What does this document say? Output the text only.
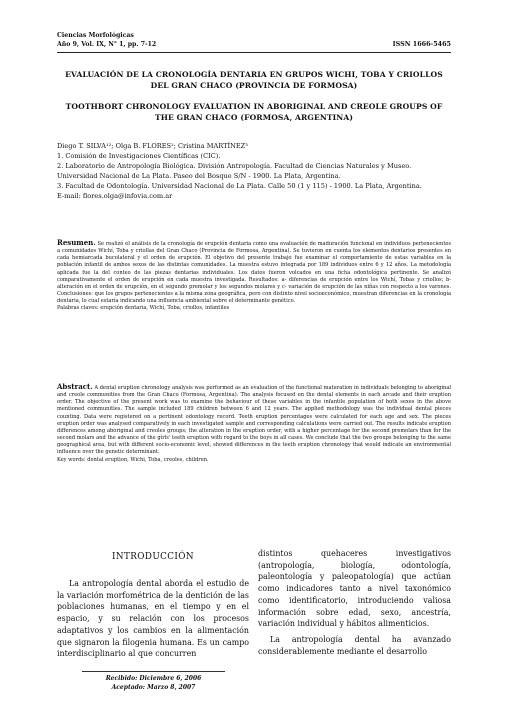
Ciencias Morfológicas
Año 9, Vol. IX, N° 1, pp. 7-12	ISSN 1666-5465
EVALUACIÓN DE LA CRONOLOGÍA DENTARIA EN GRUPOS WICHI, TOBA Y CRIOLLOS DEL GRAN CHACO (PROVINCIA DE FORMOSA)
TOOTHBORT CHRONOLOGY EVALUATION IN ABORIGINAL AND CREOLE GROUPS OF THE GRAN CHACO (FORMOSA, ARGENTINA)
Diego T. SILVA¹²; Olga B. FLORES²; Cristina MARTÍNEZ³
1. Comisión de Investigaciones Científicas (CIC).
2. Laboratorio de Antropología Biológica. División Antropología. Facultad de Ciencias Naturales y Museo. Universidad Nacional de La Plata. Paseo del Bosque S/N - 1900. La Plata, Argentina.
3. Facultad de Odontología. Universidad Nacional de La Plata. Calle 50 (1 y 115) - 1900. La Plata, Argentina.
E-mail: flores.olga@infovia.com.ar
Resumen. Se realizó el análisis de la cronología de erupción dentaria como una evaluación de maduración funcional en individuos pertenecientes a comunidades Wichí, Toba y criollas del Gran Chaco (Provincia de Formosa, Argentina). Se tuvieron en cuenta los elementos dentarios presentes en cada hemiarcada bucolateral y el orden de erupción. El objetivo del presente trabajo fue examinar el comportamiento de estas variables en la población infantil de ambos sexos de las distintas comunidades. La muestra estuvo integrada por 189 individuos entre 6 y 12 años. La metodología aplicada fue la del conteo de las piezas dentarias individuales. Los datos fueron volcados en una ficha odontológica pertinente. Se analizó comparativamente el orden de erupción en cada muestra investigada. Resultados: a- diferencias de erupción entre los Wichí, Tobas y criollos; b- alteración en el orden de erupción, en el segundo premolar y los segundos molares y c- variación de erupción de las niñas con respecto a los varones. Conclusiones: que los grupos pertenecientes a la misma zona geográfica, pero con distinto nivel socioeconómico, muestran diferencias en la cronología dentaria, lo cual estaría indicando una influencia ambiental sobre el determinante genético.
Palabras claves: erupción dentaria, Wichí, Toba, criollos, infantiles
Abstract. A dental eruption chronology analysis was performed as an evaluation of the functional maturation in individuals belonging to aboriginal and creole communities from the Gran Chaco (Formosa, Argentina). The analysis focused on the dental elements in each arcade and their eruption order. The objective of the present work was to examine the behaviour of these variables in the infantile population of both sexes in the above mentioned communities. The sample included 189 children between 6 and 12 years. The applied methodology was the individual dental pieces counting. Data were registered on a pertinent odontology record. Teeth eruption percentages were calculated for each age and sex. The pieces eruption order was analysed comparatively in each investigated sample and corresponding calculations were carried out. The results indicate eruption differences among aboriginal and creoles groups; the alteration in the eruption order, with a higher percentage for the second premolars than for the second molars and the advance of the girls' teeth eruption with regard to the boys in all cases. We conclude that the two groups belonging to the same geographical area, but with different socio-economic level, showed differences in the teeth eruption chronology that would indicate an environmental influence over the genetic determinant.
Key words: dental eruption, Wichi, Toba, creoles, children.
INTRODUCCIÓN

La antropología dental aborda el estudio de la variación morfométrica de la dentición de las poblaciones humanas, en el tiempo y en el espacio, y su relación con los procesos adaptativos y los cambios en la alimentación que signaron la filogenia humana. Es un campo interdisciplinario al que concurren

distintos quehaceres investigativos (antropología, biología, odontología, paleontología y paleopatología) que actúan como indicadores tanto a nivel taxonómico como identificatorio, introduciendo valiosa información sobre edad, sexo, ancestría, variación individual y hábitos alimenticios.

La antropología dental ha avanzado considerablemente mediante el desarrollo

Recibido: Diciembre 6, 2006
Aceptado: Marzo 8, 2007
